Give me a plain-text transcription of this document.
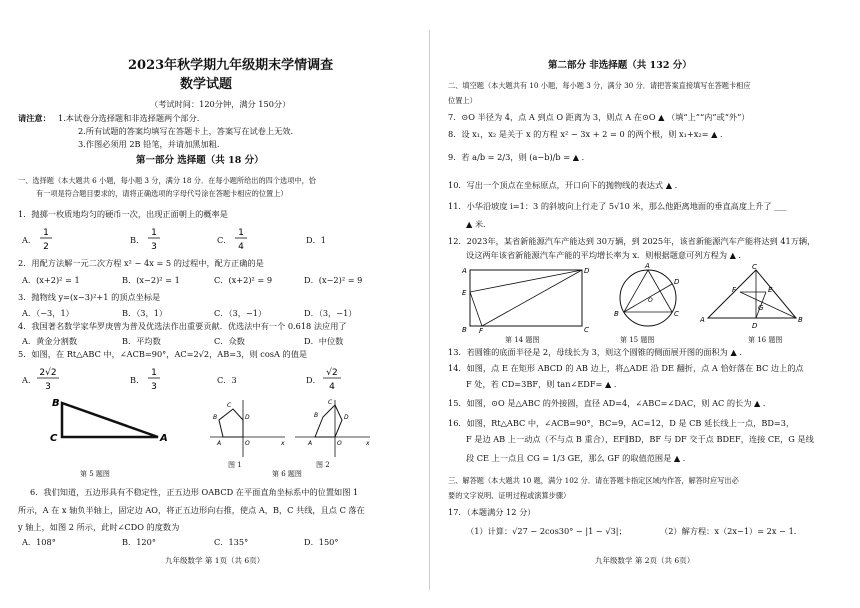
2023年秋学期九年级期末学情调查
数学试题
（考试时间：120分钟，满分 150分）
请注意： 1.本试卷分选择题和非选择题两个部分.
2.所有试题的答案均填写在答题卡上，答案写在试卷上无效.
3.作图必须用 2B 铅笔，并请加黑加粗.
第一部分 选择题（共 18 分）
一、选择题（本大题共 6 小题，每小题 3 分，满分 18 分．在每小题所给出的四个选项中，恰
有一项是符合题目要求的，请将正确选项的字母代号涂在答题卡相应的位置上）
1．抛掷一枚质地均匀的硬币一次，出现正面朝上的概率是
A．	B．	C．	D．1
1
2
1
3
1
4
2．用配方法解一元二次方程 x² − 4x = 5 的过程中，配方正确的是
A．(x+2)² = 1	B．(x−2)² = 1	C．(x+2)² = 9	D．(x−2)² = 9
3．抛物线 y=(x−3)²+1 的顶点坐标是
A．（−3，1）	B．（3，1）	C．（3，−1）	D．（3，−1）
4．我国著名数学家华罗庚曾为普及优选法作出重要贡献．优选法中有一个 0.618 法应用了
A．黄金分割数	B．平均数	C．众数	D．中位数
5．如图，在 Rt△ABC 中，∠ACB=90°，AC=2√2，AB=3，则 cosA 的值是
A．	B．	C．3	D．
2√2
3
1
3
√2
4
B
C	A
第 5 题图
C
D
B
A	O	x
图 1
C
D
B
A	O	x
图 2
第 6 题图
6．我们知道，五边形具有不稳定性，正五边形 OABCD 在平面直角坐标系中的位置如图 1
所示，A 在 x 轴负半轴上，固定边 AO，将正五边形向右推，使点 A，B，C 共线，且点 C 落在
y 轴上，如图 2 所示，此时∠CDO 的度数为
A．108°	B．120°	C．135°	D．150°
九年级数学 第 1页（共 6页）
第二部分 非选择题（共 132 分）
二、填空题（本大题共有 10 小题，每小题 3 分，满分 30 分．请把答案直接填写在答题卡相应
位置上）
7．⊙O 半径为 4，点 A 到点 O 距离为 3，则点 A 在⊙O ▲ （填“上”“内”或“外”）
8．设 x₁，x₂ 是关于 x 的方程 x² − 3x + 2 = 0 的两个根，则 x₁+x₂= ▲ ．
9．若 a/b = 2/3，则 (a−b)/b = ▲ ．
10．写出一个顶点在坐标原点，开口向下的抛物线的表达式 ▲ ．
11．小华沿坡度 i=1：3 的斜坡向上行走了 5√10 米，那么他距离地面的垂直高度上升了 ___
▲ 米．
12．2023年，某省新能源汽车产能达到 30万辆，到 2025年，该省新能源汽车产能将达到 41万辆，
设这两年该省新能源汽车产能的平均增长率为 x．则根据题意可列方程为 ▲ ．
A	D
E
B F	C
第 14 题图
A
B	C
D
O
第 15 题图
A
C
B
E
F
G
D
第 16 题图
13．若圆锥的底面半径是 2，母线长为 3，则这个圆锥的侧面展开图的面积为 ▲ ．
14．如图，点 E 在矩形 ABCD 的 AB 边上，将△ADE 沿 DE 翻折，点 A 恰好落在 BC 边上的点
F 处，若 CD=3BF，则 tan∠EDF= ▲ ．
15．如图，⊙O 是△ABC 的外接圆，直径 AD=4，∠ABC=∠DAC，则 AC 的长为 ▲ ．
16．如图，Rt△ABC 中，∠ACB=90°，BC=9，AC=12，D 是 CB 延长线上一点，BD=3，
F 是边 AB 上一动点（不与点 B 重合），EF∥BD，BF 与 DF 交于点 BDEF，连接 CE，G 是线
段 CE 上一点且 CG = 1/3 GE，那么 GF 的取值范围是 ▲ ．
三、解答题（本大题共 10 题，满分 102 分．请在答题卡指定区域内作答，解答时应写出必
要的文字说明、证明过程或演算步骤）
17．（本题满分 12 分）
（1）计算：√27 − 2cos30° − |1 − √3|；	（2）解方程：x（2x−1）= 2x − 1．
九年级数学 第 2页（共 6页）
